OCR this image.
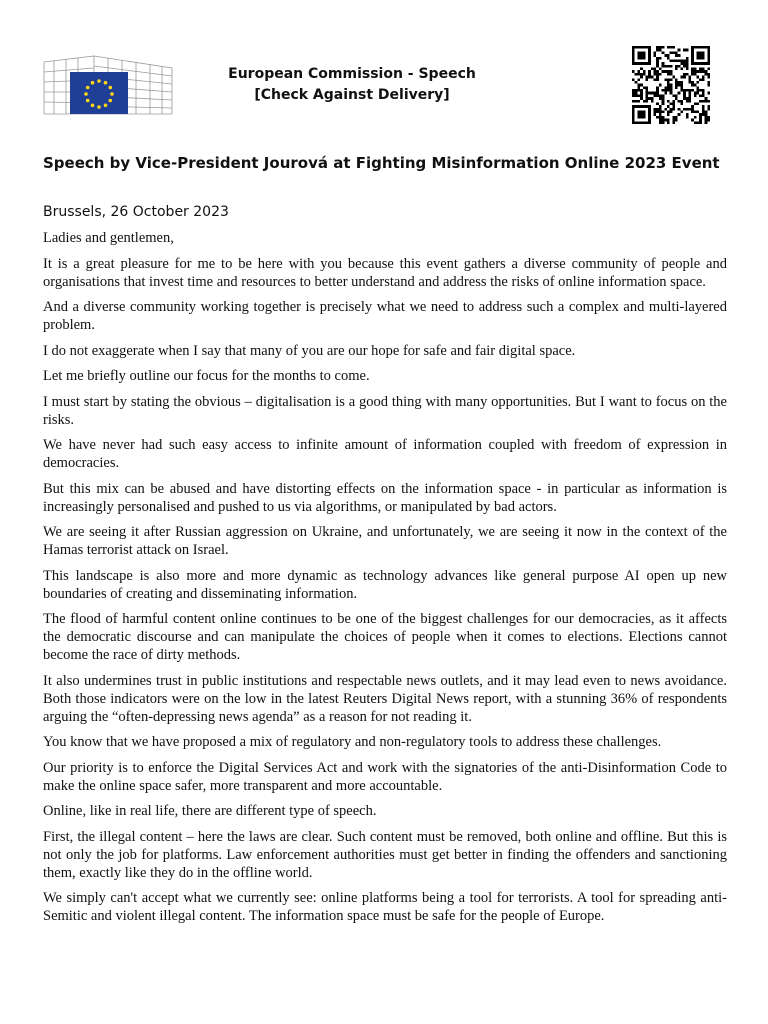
European Commission - Speech
[Check Against Delivery]
Speech by Vice-President Jourová at Fighting Misinformation Online 2023 Event
Brussels, 26 October 2023

Ladies and gentlemen,

It is a great pleasure for me to be here with you because this event gathers a diverse community of people and organisations that invest time and resources to better understand and address the risks of online information space.

And a diverse community working together is precisely what we need to address such a complex and multi-layered problem.

I do not exaggerate when I say that many of you are our hope for safe and fair digital space.

Let me briefly outline our focus for the months to come.

I must start by stating the obvious – digitalisation is a good thing with many opportunities. But I want to focus on the risks.

We have never had such easy access to infinite amount of information coupled with freedom of expression in democracies.

But this mix can be abused and have distorting effects on the information space - in particular as information is increasingly personalised and pushed to us via algorithms, or manipulated by bad actors.

We are seeing it after Russian aggression on Ukraine, and unfortunately, we are seeing it now in the context of the Hamas terrorist attack on Israel.

This landscape is also more and more dynamic as technology advances like general purpose AI open up new boundaries of creating and disseminating information.

The flood of harmful content online continues to be one of the biggest challenges for our democracies, as it affects the democratic discourse and can manipulate the choices of people when it comes to elections. Elections cannot become the race of dirty methods.

It also undermines trust in public institutions and respectable news outlets, and it may lead even to news avoidance. Both those indicators were on the low in the latest Reuters Digital News report, with a stunning 36% of respondents arguing the “often-depressing news agenda” as a reason for not reading it.

You know that we have proposed a mix of regulatory and non-regulatory tools to address these challenges.

Our priority is to enforce the Digital Services Act and work with the signatories of the anti-Disinformation Code to make the online space safer, more transparent and more accountable.

Online, like in real life, there are different type of speech.

First, the illegal content – here the laws are clear. Such content must be removed, both online and offline. But this is not only the job for platforms. Law enforcement authorities must get better in finding the offenders and sanctioning them, exactly like they do in the offline world.

We simply can't accept what we currently see: online platforms being a tool for terrorists. A tool for spreading anti-Semitic and violent illegal content. The information space must be safe for the people of Europe.
